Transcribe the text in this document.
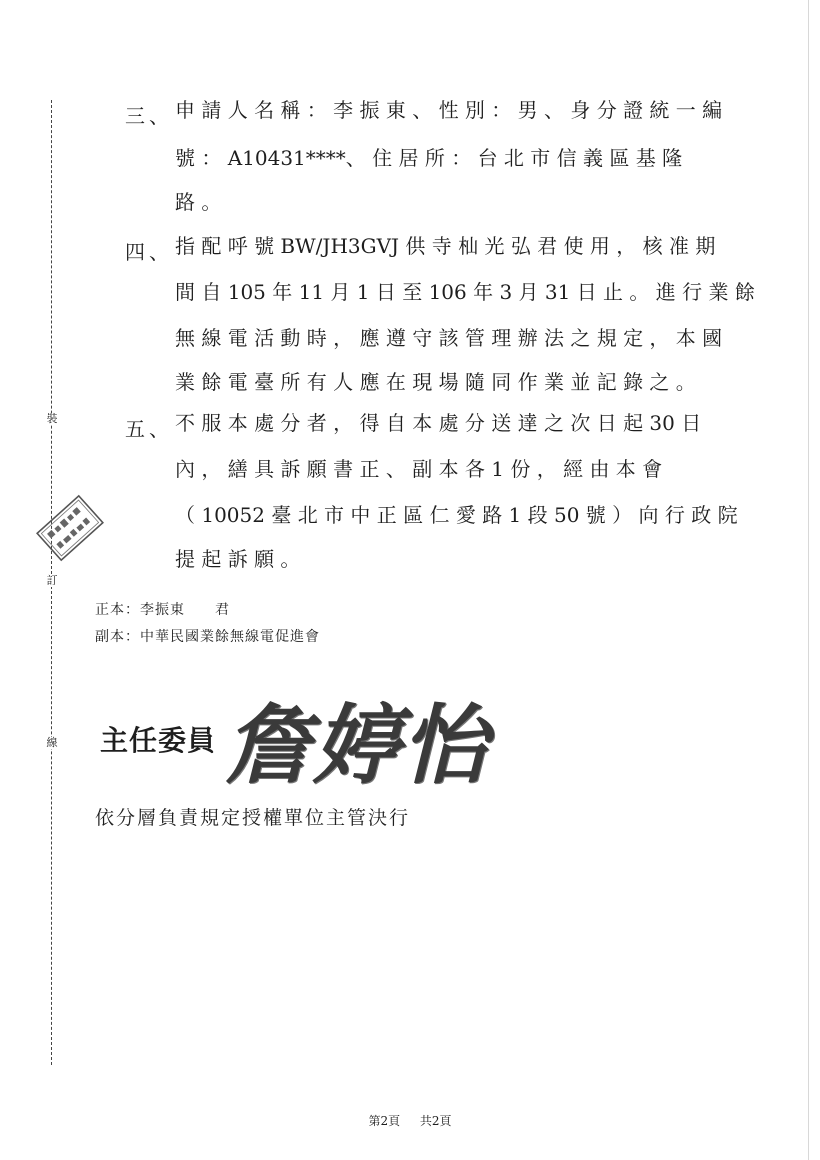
裝
訂
線
三、 申 請 人 名 稱 ： 李 振 東 、 性 別 ： 男 、 身 分 證 統 一 編
號 ： A10431****、 住 居 所 ： 台 北 市 信 義 區 基 隆
路 。
四、 指 配 呼 號 BW/JH3GVJ 供 寺 杣 光 弘 君 使 用 ， 核 准 期
間 自 105 年 11 月 1 日 至 106 年 3 月 31 日 止 。 進 行 業 餘
無 線 電 活 動 時 ， 應 遵 守 該 管 理 辦 法 之 規 定 ， 本 國
業 餘 電 臺 所 有 人 應 在 現 場 隨 同 作 業 並 記 錄 之 。
五、 不 服 本 處 分 者 ， 得 自 本 處 分 送 達 之 次 日 起 30 日
內 ， 繕 具 訴 願 書 正 、 副 本 各 1 份 ， 經 由 本 會
（ 10052 臺 北 市 中 正 區 仁 愛 路 1 段 50 號 ） 向 行 政 院
提 起 訴 願 。
正本：李振東　　君
副本：中華民國業餘無線電促進會
主任委員 詹婷怡
依分層負責規定授權單位主管決行
第2頁 共2頁
